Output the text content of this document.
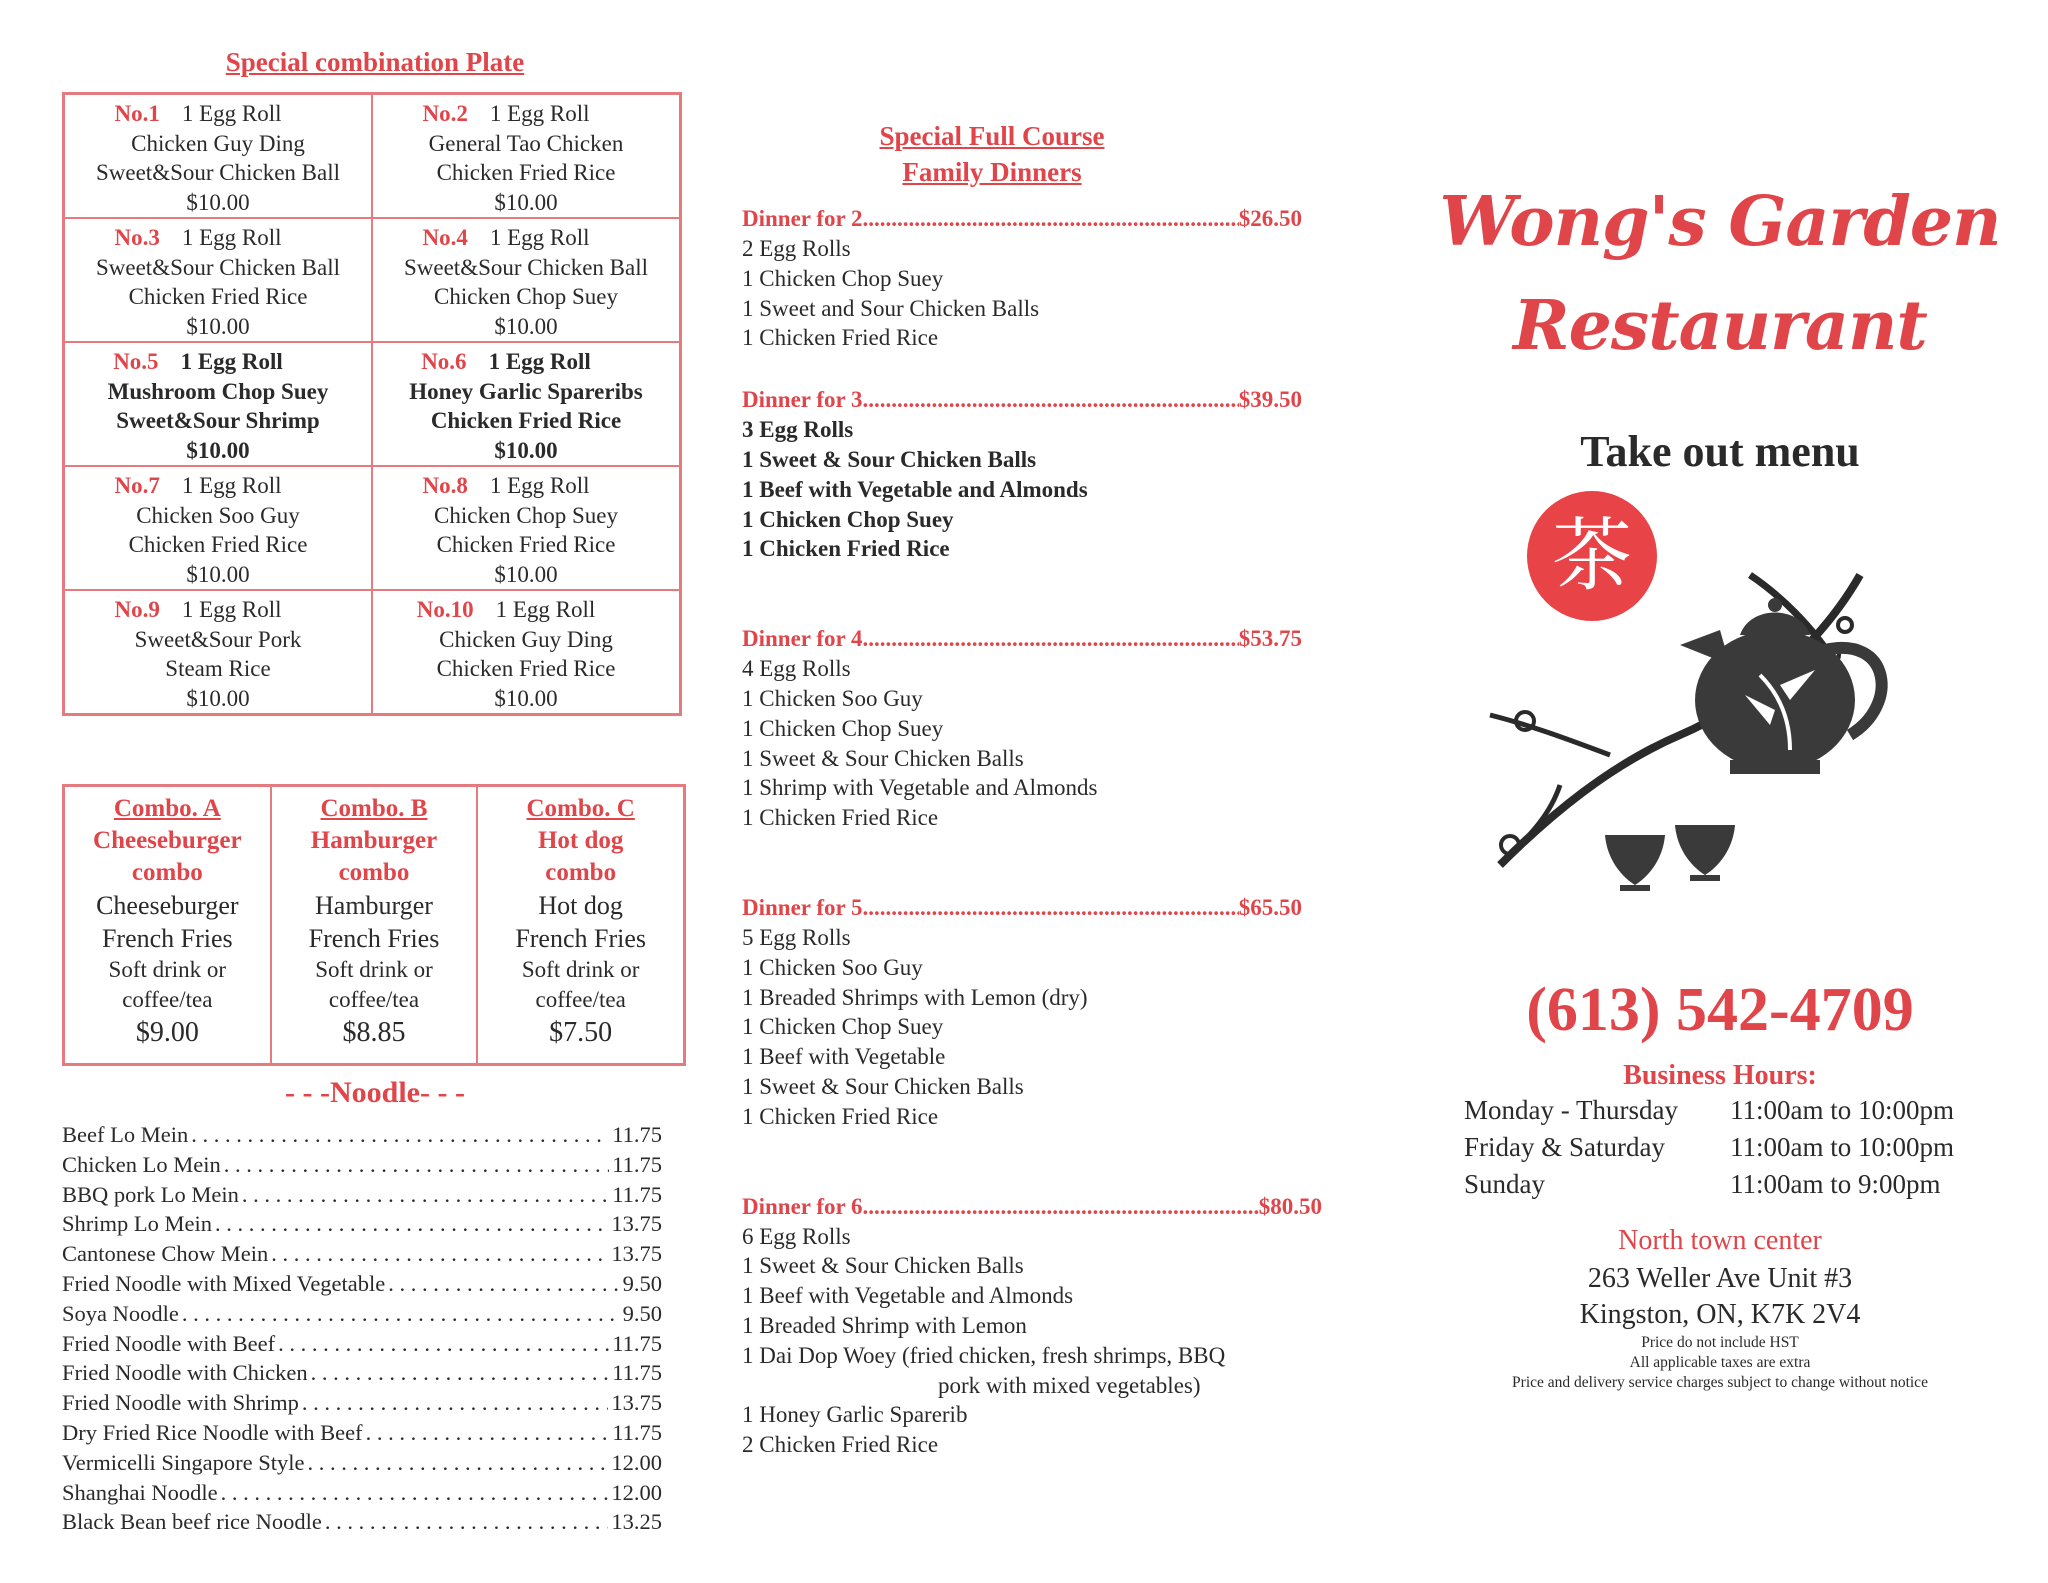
Special combination Plate
No.1 1 Egg Roll
Chicken Guy Ding
Sweet&Sour Chicken Ball
$10.00
No.2 1 Egg Roll
General Tao Chicken
Chicken Fried Rice
$10.00
No.3 1 Egg Roll
Sweet&Sour Chicken Ball
Chicken Fried Rice
$10.00
No.4 1 Egg Roll
Sweet&Sour Chicken Ball
Chicken Chop Suey
$10.00
No.5 1 Egg Roll
Mushroom Chop Suey
Sweet&Sour Shrimp
$10.00
No.6 1 Egg Roll
Honey Garlic Spareribs
Chicken Fried Rice
$10.00
No.7 1 Egg Roll
Chicken Soo Guy
Chicken Fried Rice
$10.00
No.8 1 Egg Roll
Chicken Chop Suey
Chicken Fried Rice
$10.00
No.9 1 Egg Roll
Sweet&Sour Pork
Steam Rice
$10.00
No.10 1 Egg Roll
Chicken Guy Ding
Chicken Fried Rice
$10.00
Combo. A
Cheeseburger
combo
Cheeseburger
French Fries
Soft drink or
coffee/tea
$9.00
Combo. B
Hamburger
combo
Hamburger
French Fries
Soft drink or
coffee/tea
$8.85
Combo. C
Hot dog
combo
Hot dog
French Fries
Soft drink or
coffee/tea
$7.50
- - -Noodle- - -
Beef Lo Mein . . .	11.75
Chicken Lo Mein . . .	11.75
BBQ pork Lo Mein . . .	11.75
Shrimp Lo Mein . . .	13.75
Cantonese Chow Mein . . .	13.75
Fried Noodle with Mixed Vegetable . . .	9.50
Soya Noodle . . .	9.50
Fried Noodle with Beef . . .	11.75
Fried Noodle with Chicken . . .	11.75
Fried Noodle with Shrimp . . .	13.75
Dry Fried Rice Noodle with Beef . . .	11.75
Vermicelli Singapore Style . . .	12.00
Shanghai Noodle . . .	12.00
Black Bean beef rice Noodle . . .	13.25
Special Full Course
Family Dinners
Dinner for 2 .....	$26.50
2 Egg Rolls
1 Chicken Chop Suey
1 Sweet and Sour Chicken Balls
1 Chicken Fried Rice
Dinner for 3 .....	$39.50
3 Egg Rolls
1 Sweet & Sour Chicken Balls
1 Beef with Vegetable and Almonds
1 Chicken Chop Suey
1 Chicken Fried Rice
Dinner for 4 .....	$53.75
4 Egg Rolls
1 Chicken Soo Guy
1 Chicken Chop Suey
1 Sweet & Sour Chicken Balls
1 Shrimp with Vegetable and Almonds
1 Chicken Fried Rice
Dinner for 5 .....	$65.50
5 Egg Rolls
1 Chicken Soo Guy
1 Breaded Shrimps with Lemon (dry)
1 Chicken Chop Suey
1 Beef with Vegetable
1 Sweet & Sour Chicken Balls
1 Chicken Fried Rice
Dinner for 6 .....	$80.50
6 Egg Rolls
1 Sweet & Sour Chicken Balls
1 Beef with Vegetable and Almonds
1 Breaded Shrimp with Lemon
1 Dai Dop Woey (fried chicken, fresh shrimps, BBQ
pork with mixed vegetables)
1 Honey Garlic Sparerib
2 Chicken Fried Rice
Wong's Garden
Restaurant
Take out menu
茶
(613) 542-4709
Business Hours:
Monday - Thursday	11:00am to 10:00pm
Friday & Saturday	11:00am to 10:00pm
Sunday	11:00am to 9:00pm
North town center
263 Weller Ave Unit #3
Kingston, ON, K7K 2V4
Price do not include HST
All applicable taxes are extra
Price and delivery service charges subject to change without notice
